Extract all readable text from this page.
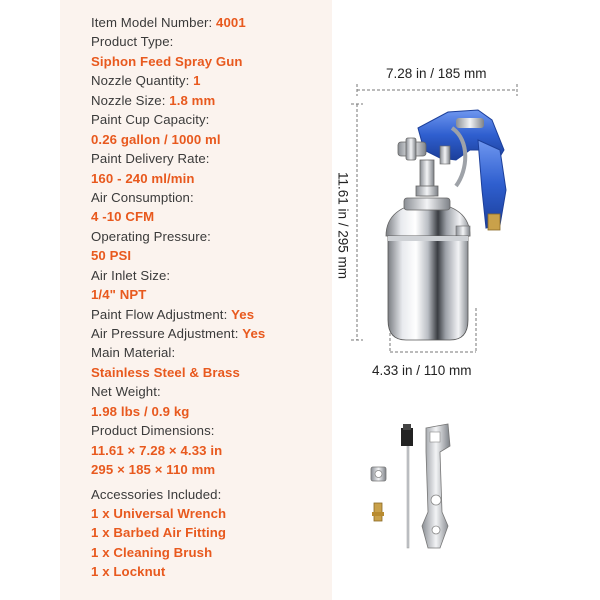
Item Model Number: 4001
Product Type:
Siphon Feed Spray Gun
Nozzle Quantity: 1
Nozzle Size: 1.8 mm
Paint Cup Capacity:
0.26 gallon / 1000 ml
Paint Delivery Rate:
160 - 240 ml/min
Air Consumption:
4 -10 CFM
Operating Pressure:
50 PSI
Air Inlet Size:
1/4" NPT
Paint Flow Adjustment: Yes
Air Pressure Adjustment: Yes
Main Material:
Stainless Steel & Brass
Net Weight:
1.98 lbs / 0.9 kg
Product Dimensions:
11.61 × 7.28 × 4.33 in
295 × 185 × 110 mm
Accessories Included:
1 x Universal Wrench
1 x Barbed Air Fitting
1 x Cleaning Brush
1 x Locknut
7.28 in / 185 mm
11.61 in / 295 mm
4.33 in / 110 mm
